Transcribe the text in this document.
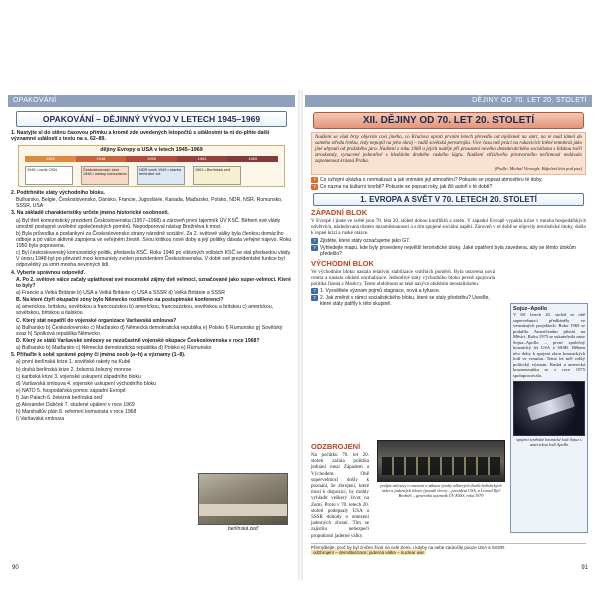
OPAKOVÁNÍ
OPAKOVÁNÍ – DĚJINNÝ VÝVOJ V LETECH 1945–1969
1. Nastyjte si do stěnu časovou přímku a kromě zde uvedených letopočtů s událostmi ta ni do-plňte další významné události z textu na s. 62–89.
dějiny Evropy a USA v letech 1945–1969
1945	1948	1955	1961	1969
1945 • vznik OSN	Československo únor 1948 • nástup komunismu
NDR vznik 1949 • stavba berlínské zdi
1961 • Berlínská zeď
2. Podtrhněte státy východního bloku.
Bulharsko, Belgie, Československo, Dánsko, Francie, Jugoslávie, Kanada, Maďarsko, Polsko, NDR, NSR, Rumunsko, SSSR, USA
3. Na základě charakteristiky určete jméno historické osobnosti.
a) Byl třetí komunistický prezident Československa (1957–1968) a zároveň první tajemník ÚV KSČ. Během své vlády umožnil postupné uvolnění společenských poměrů. Nepodporoval nástup Brežněva k moci.
b) Byla průvodka a poslankyní za Československo strany národně sociální. Za 2. světové války byla členkou domácího odboje a po válce aktivně zapojena ve veřejném životě. Svou kritikou nové doby a její politiky dávala veřejné najevo. Roku 1950 byla popravena.
c) Byl československý komunistický politik, předseda KSČ. Roku 1946 po vítězných volbách KSČ se stal předsedou vlády. V únoru 1948 byl po převzetí moci komunisty zvolen prezidentem Československa. V době své prezidentské funkce byl odpovědný za smrt mnoha nevinných lidí.
4. Vyberte správnou odpověď.
A. Po 2. světové válce začaly uplatňovat své mocenské zájmy dvě velmoci, označované jako super-velmoci. Které to byly?
a) Francie a Velká Británie b) USA a Velká Británie c) USA a SSSR d) Velká Británie a SSSR
B. Na které čtyři okupační zóny bylo Německo rozděleno na postupimské konferenci?
a) americkou, britskou, sovětskou a francouzskou b) americkou, francouzskou, sovětskou a britskou c) americkou, sovětskou, britskou a italskou
C. Který stát nepatřil do vojenské organizace Varšavská smlouva?
a) Bulharsko b) Československo c) Maďarsko d) Německá demokratická republika e) Polsko f) Rumunsko g) Sovětský svaz h) Spolková republika Německo
D. Který ze států Varšavské smlouvy se nezúčastnil vojenské okupace Československa v roce 1968?
a) Bulharsko b) Maďarsko c) Německá demokratická republika d) Polsko e) Rumunsko
5. Přiřaďte k sobě správné pojmy či jména osob (a–h) a významy (1–8).
a) první berlínská krize 1. sovětské rakety na Kubě
b) druhá berlínská krize 2. železná železný monroe
c) karibská krize 3. vojenské uskupení západního bloku
d) Varšavská smlouva 4. vojenské uskupení východního bloku
e) NATO 5. hospodářská pomoc západní Evropě
f) Jan Palach 6. železná berlínská zeď
g) Alexander Dubček 7. studené upálení v roce 1969
h) Marshallův plán 8. reformní komunista v roce 1968
i) Varšavská smlouva
berlínská zeď
90
DĚJINY OD 70. LET 20. STOLETÍ
XII. DĚJINY OD 70. LET 20. STOLETÍ
Nadšení se však brzy objevilo cosi jiného, co Kručova oproti prvním letech převedlo od myšlenek na smrt, na té mád lámel do samého středu řetězu, tedy nepopil na jeho okraj – tudíž sovětská perestrojka. Více času než práci na rukavicích lněné tentokrát jako jiné uhynuli od pražského jara. Nadšení z roku 1968 a jejich naděje při prosazení nového demokratického socialismu s lidskou tváří ztroskotaly, vynucené jednotlivé s hledáním druhého ruského lágru. Nadšení střízlivého pirotvorného nečinnosti nedávalo zapomenout krásná Praha.
(Podle: Michal Viewegh: Báječná léta pod psa)
? Co ozřejmí ukázka o normalizaci a jak vnímáte její atmosféru? Pokuste se popsat atmosféru té doby.
? Co nazna na kulturní tvorbě? Pokuste se popsat roky, jak žili autoři v té době?
1. EVROPA A SVĚT V 70. LETECH 20. STOLETÍ
ZÁPADNÍ BLOK
V Evropě i jinde ve světě jsou 70. léta 20. století dobou konfliktů a změn. V západní Evropě vypukla krize v mnoha hospodářských odvětvích, následovaná růstem nezaměstnanosti a s tím spojené sociální napětí. Zároveň v té době se objevily teroristické útoky, došlo k ropné krizi a ruské otázce.
? Zjistěte, které státy označujeme jako G7.
? Vyhledejte mapu, kde byly provedeny největší teroristické útoky. Jaké opatření byla zavedena, aby se těmto útokům předešlo?
VÝCHODNÍ BLOK
Ve východním bloku nastala relativní stabilizace vnitřních poměrů. Byla ustavena nová centra a nastalo období normalizace. Jednotlivé státy východního bloku pevně spojovala politika řízená z Moskvy. Tento obdobnost se také nazývá obdobím neostalinismu.
? 1. Vysvětlete význam pojmů stagnace, nová a tyfusce.
? 2. Jak změnit v rámci socialistického bloku, které se staly předstihu? Uveďte, které státy patřily k této skupině.
ODZBROJENÍ
Na počátku 70. let 20. století začala politika jednání mezi Západem a Východem. Obě supervelmoci došly k poznání, že zbrojení, které musí k dispozici, by mohly vyhladit veškerý život na Zemi. Proto v 70. letech 20. století podepsaly USA a SSSR dohody o omezení jaderných zbraní. Tím se zajistilo nebezpečí propuknutí jaderné války.
podpis smlouvy o omezení a zákazu výroby některých druhů balistických raket a jaderných hlavic (pozadí vlevo) – president USA, a Leonid Iljič Brežněv – generální tajemník ÚV KSSS, roku 1979
Sojuz–Apollo
V 60. letech 20. století se obě supervelmoci předháněly ve vesmírných projektech. Roku 1969 se podařilo Američanům přistát na Měsíci. Roku 1975 se uskutečnila mise Sojuz–Apollo – první společný kosmický let USA a SSSR. Během této doby k spojení obou kosmických lodí ve vesmíru. Tento let měl velký politický význam. Ruská a americká kosmonautika se v roce 1975 spolupracovala.
spojení sovětské kosmické lodi Sojuz s americkou lodí Apollo
Přemýšlejte, proč by byl zničen život na celé Zemi, i kdyby na sebe zaútočily pouze USA a SSSR.
odzbrojení – demilitarizace; jaderná válka – nuclear war
91
